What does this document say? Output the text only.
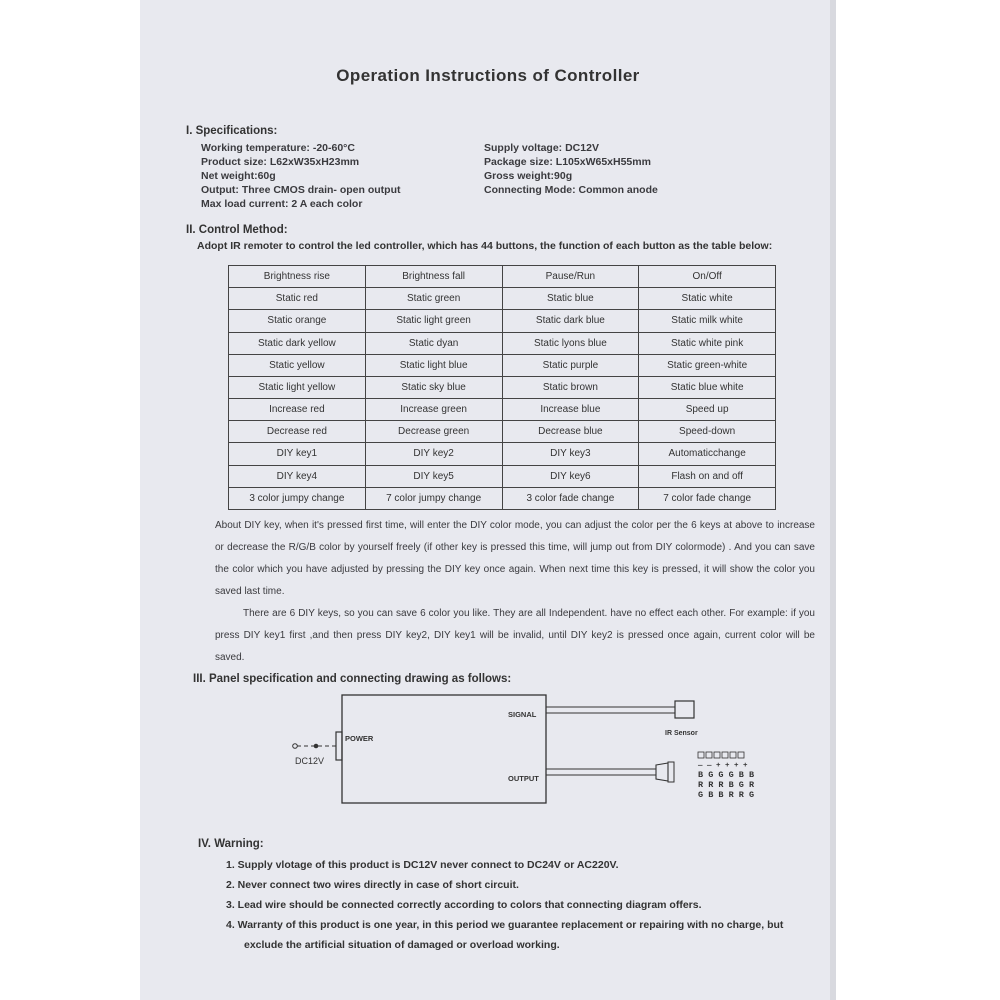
Operation Instructions of Controller
I. Specifications:
Working temperature: -20-60°C
Product size: L62xW35xH23mm
Net weight:60g
Output: Three CMOS drain- open output
Max load current: 2 A each color
Supply voltage: DC12V
Package size: L105xW65xH55mm
Gross weight:90g
Connecting Mode: Common anode
II. Control Method:
Adopt IR remoter to control the led controller, which has 44 buttons, the function of each button as the table below:
Brightness rise	Brightness fall	Pause/Run	On/Off
Static red	Static green	Static blue	Static white
Static orange	Static light green	Static dark blue	Static milk white
Static dark yellow	Static dyan	Static lyons blue	Static white pink
Static yellow	Static light blue	Static purple	Static green-white
Static light yellow	Static sky blue	Static brown	Static blue white
Increase red	Increase green	Increase blue	Speed up
Decrease red	Decrease green	Decrease blue	Speed-down
DIY key1	DIY key2	DIY key3	Automaticchange
DIY key4	DIY key5	DIY key6	Flash on and off
3 color jumpy change	7 color jumpy change	3 color fade change	7 color fade change

About DIY key, when it's pressed first time, will enter the DIY color mode, you can adjust the color per the 6 keys at above to increase or decrease the R/G/B color by yourself freely (if other key is pressed this time, will jump out from DIY colormode) . And you can save the color which you have adjusted by pressing the DIY key once again. When next time this key is pressed, it will show the color you saved last time.

There are 6 DIY keys, so you can save 6 color you like. They are all Independent. have no effect each other. For example: if you press DIY key1 first ,and then press DIY key2, DIY key1 will be invalid, until DIY key2 is pressed once again, current color will be saved.

III. Panel specification and connecting drawing as follows:
POWER
DC12V
SIGNAL
IR Sensor
OUTPUT
— — + + + +
B G G G B B
R R R B G R
G B B R R G
IV. Warning:
1. Supply vlotage of this product is DC12V never connect to DC24V or AC220V.
2. Never connect two wires directly in case of short circuit.
3. Lead wire should be connected correctly according to colors that connecting diagram offers.
4. Warranty of this product is one year, in this period we guarantee replacement or repairing with no charge, but
exclude the artificial situation of damaged or overload working.
